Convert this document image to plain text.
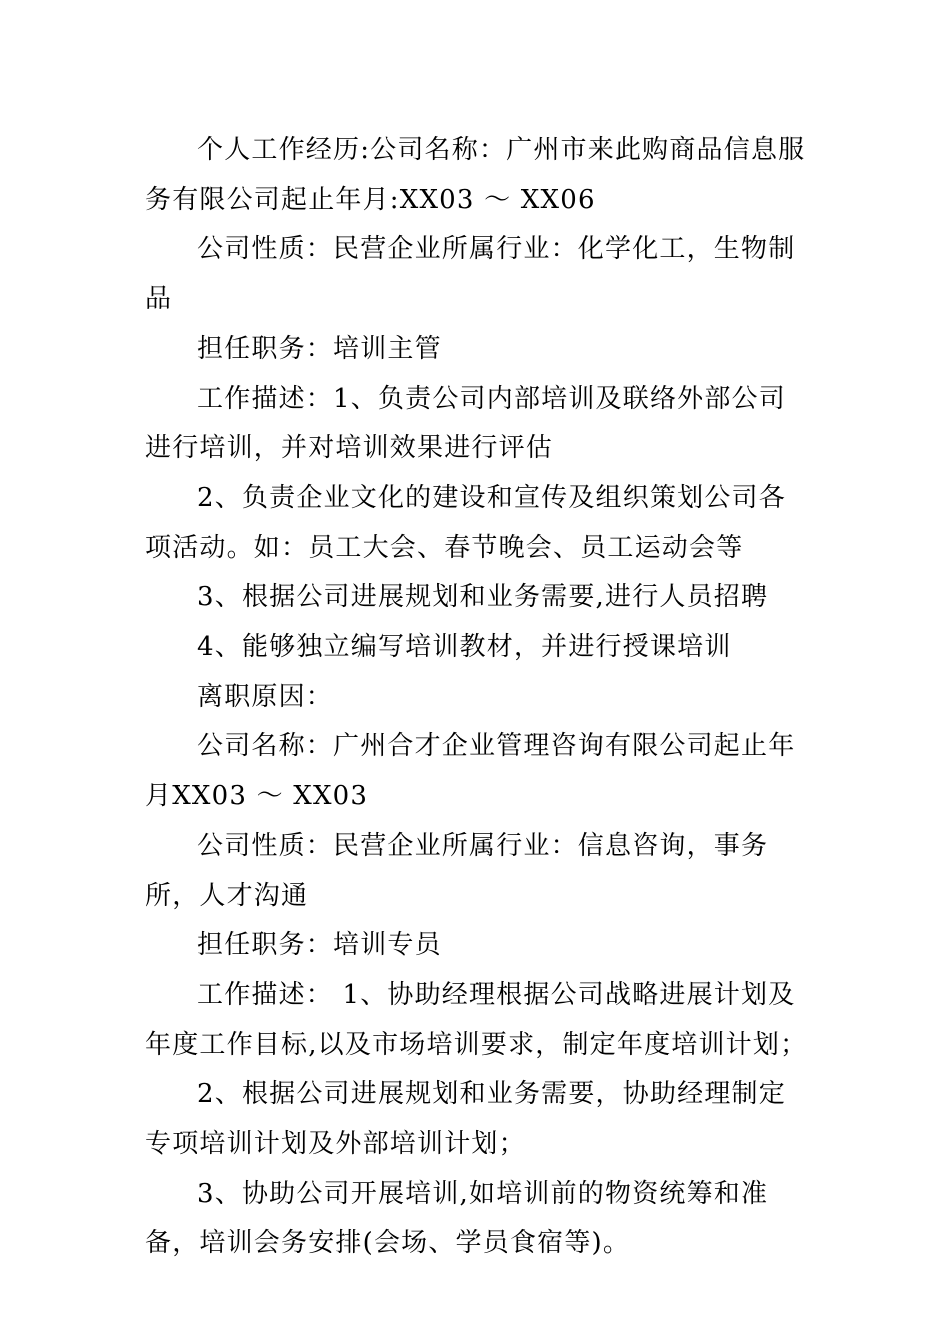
个人工作经历:公司名称：广州市来此购商品信息服务有限公司起止年月:XX03 ～ XX06

公司性质：民营企业所属行业：化学化工，生物制品

担任职务：培训主管

工作描述：1、负责公司内部培训及联络外部公司进行培训，并对培训效果进行评估

2、负责企业文化的建设和宣传及组织策划公司各项活动。如：员工大会、春节晚会、员工运动会等

3、根据公司进展规划和业务需要,进行人员招聘

4、能够独立编写培训教材，并进行授课培训

离职原因：

公司名称：广州合才企业管理咨询有限公司起止年月XX03 ～ XX03

公司性质：民营企业所属行业：信息咨询，事务所，人才沟通

担任职务：培训专员

工作描述： 1、协助经理根据公司战略进展计划及年度工作目标,以及市场培训要求，制定年度培训计划；

2、根据公司进展规划和业务需要，协助经理制定专项培训计划及外部培训计划；

3、协助公司开展培训,如培训前的物资统筹和准备，培训会务安排(会场、学员食宿等)。
